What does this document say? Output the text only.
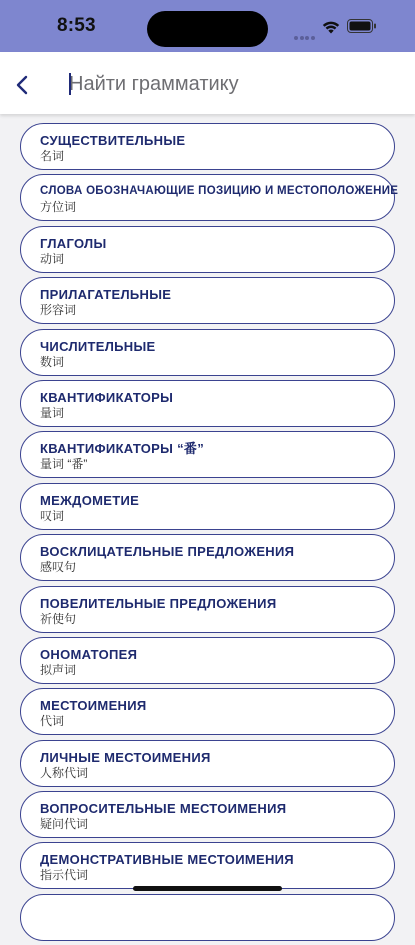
8:53
Найти грамматику
СУЩЕСТВИТЕЛЬНЫЕ
名词
СЛОВА ОБОЗНАЧАЮЩИЕ ПОЗИЦИЮ И МЕСТОПОЛОЖЕНИЕ
方位词
ГЛАГОЛЫ
动词
ПРИЛАГАТЕЛЬНЫЕ
形容词
ЧИСЛИТЕЛЬНЫЕ
数词
КВАНТИФИКАТОРЫ
量词
КВАНТИФИКАТОРЫ “番”
量词 “番”
МЕЖДОМЕТИЕ
叹词
ВОСКЛИЦАТЕЛЬНЫЕ ПРЕДЛОЖЕНИЯ
感叹句
ПОВЕЛИТЕЛЬНЫЕ ПРЕДЛОЖЕНИЯ
祈使句
ОНОМАТОПЕЯ
拟声词
МЕСТОИМЕНИЯ
代词
ЛИЧНЫЕ МЕСТОИМЕНИЯ
人称代词
ВОПРОСИТЕЛЬНЫЕ МЕСТОИМЕНИЯ
疑问代词
ДЕМОНСТРАТИВНЫЕ МЕСТОИМЕНИЯ
指示代词
